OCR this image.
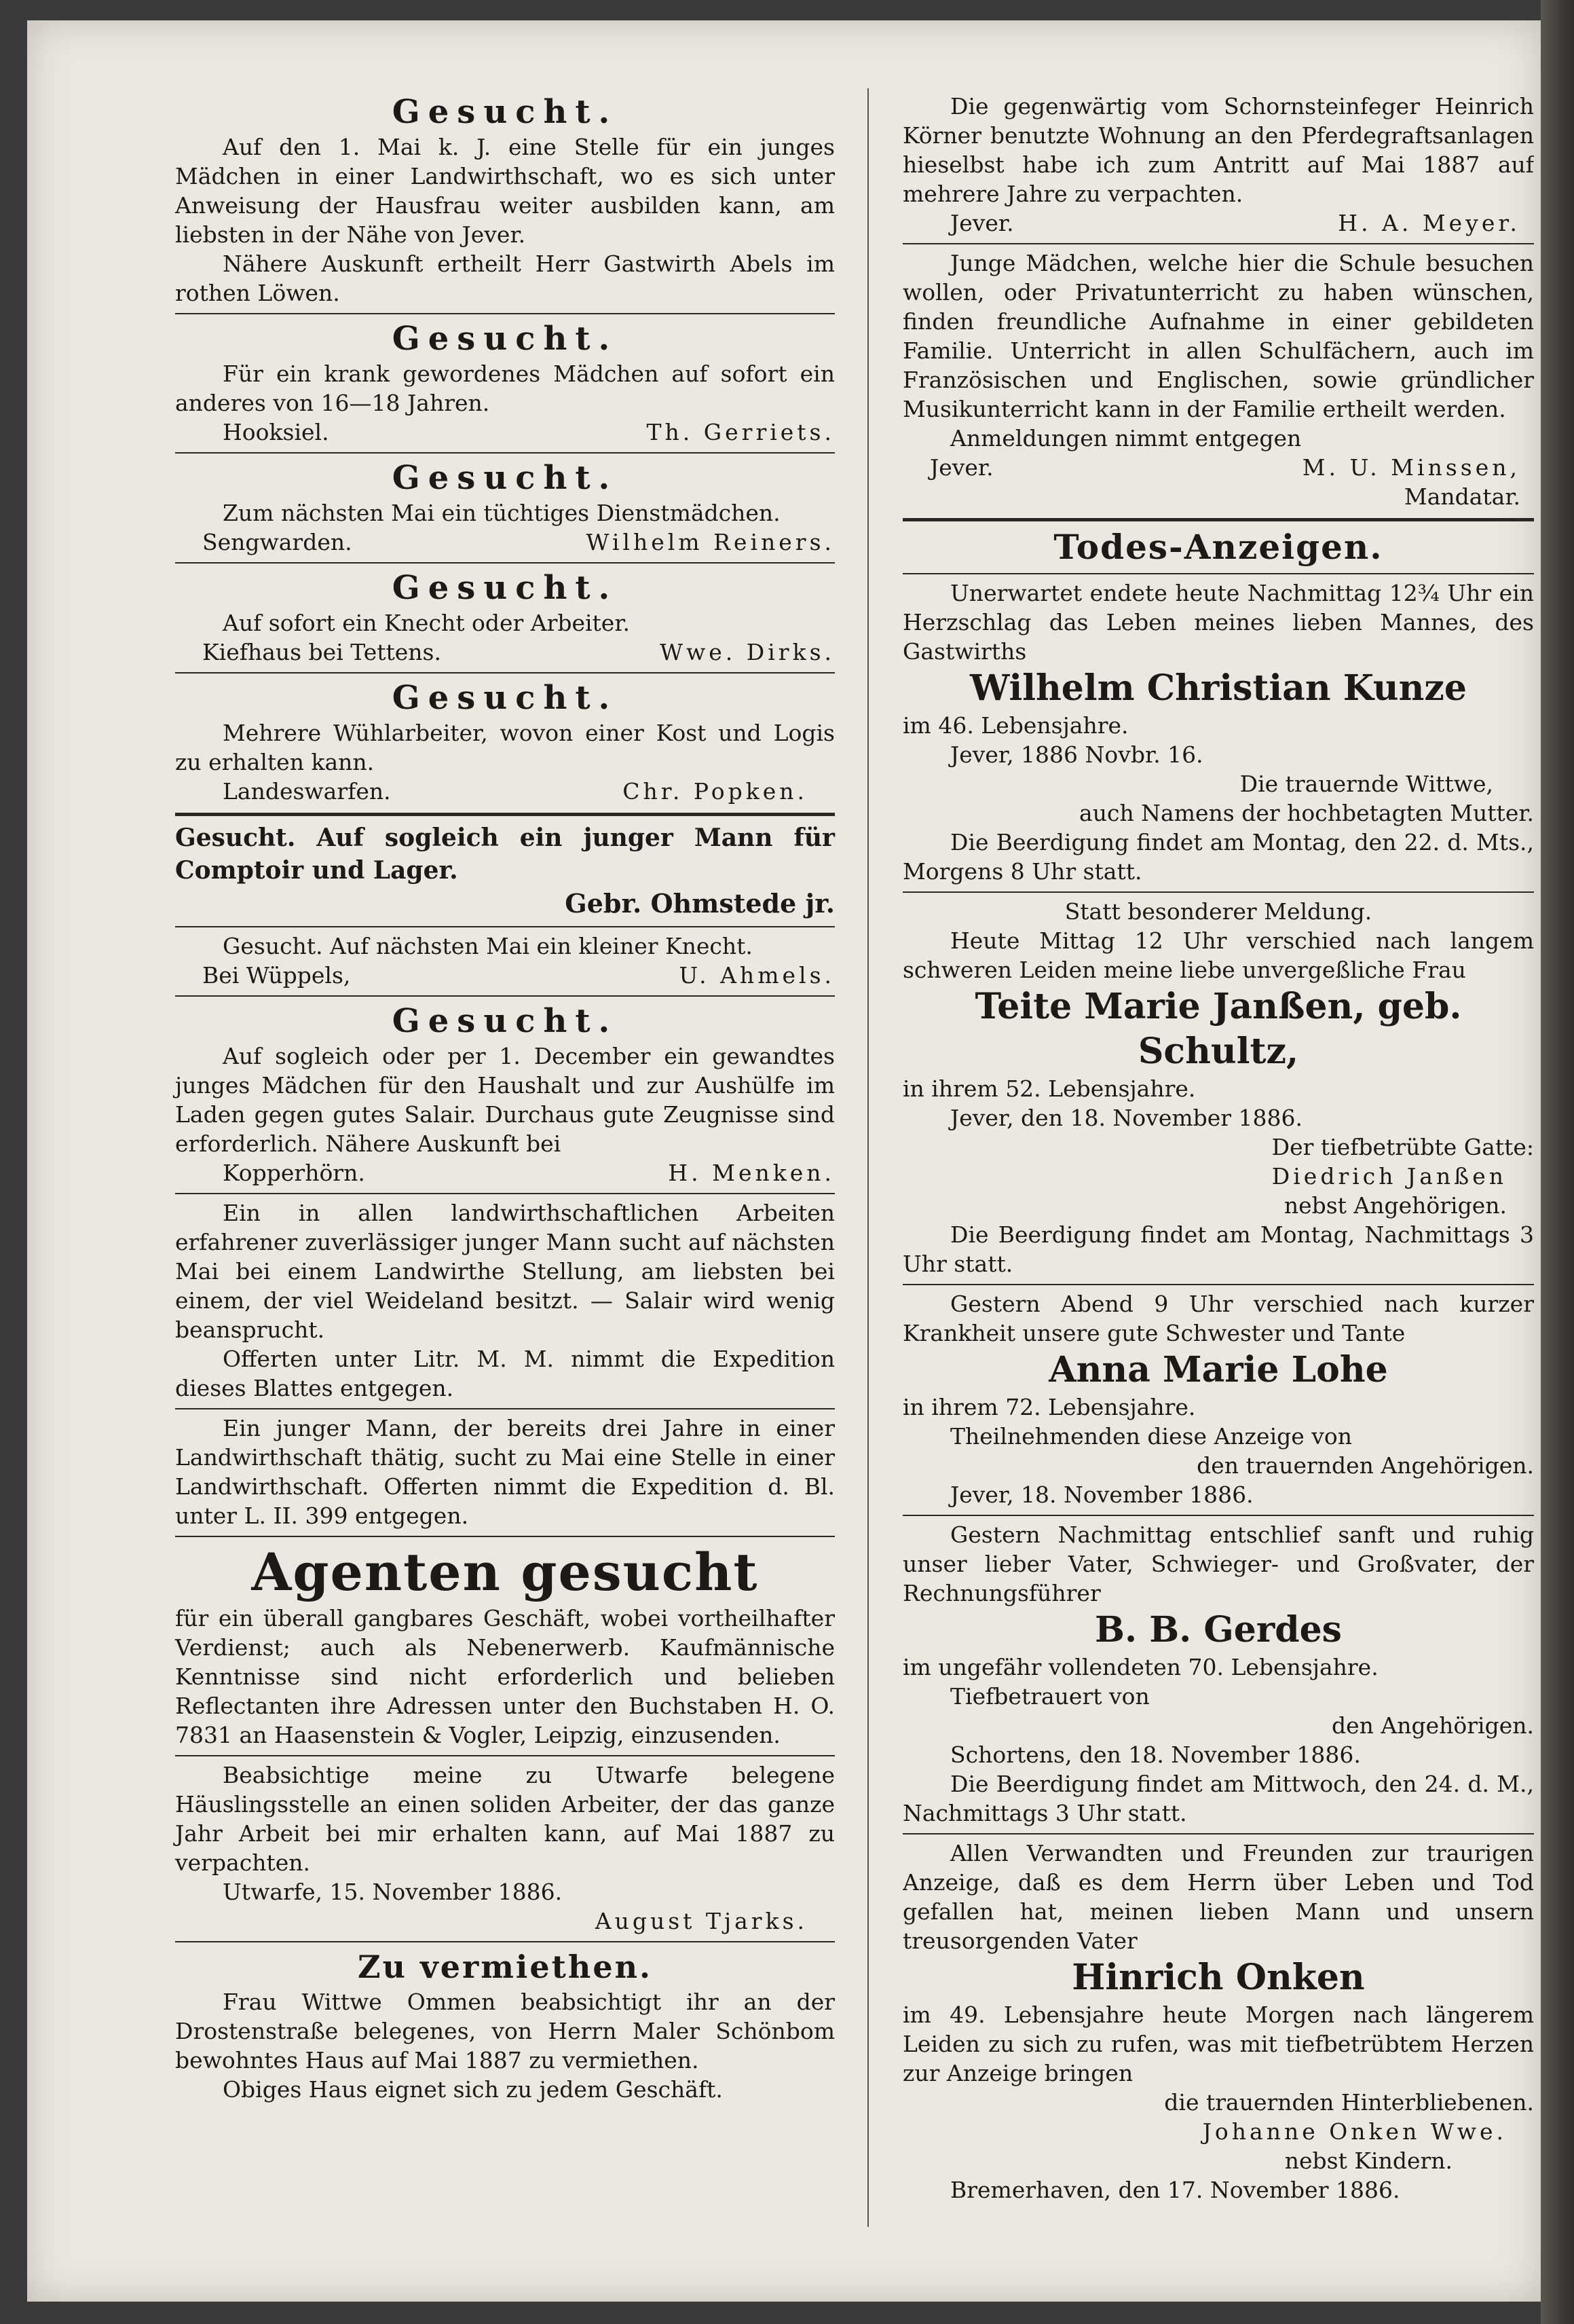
Gesucht.

Auf den 1. Mai k. J. eine Stelle für ein junges Mädchen in einer Landwirthschaft, wo es sich unter Anweisung der Hausfrau weiter ausbilden kann, am liebsten in der Nähe von Jever.

Nähere Auskunft ertheilt Herr Gastwirth Abels im rothen Löwen.

Gesucht.

Für ein krank gewordenes Mädchen auf sofort ein anderes von 16—18 Jahren.

Hooksiel.	Th. Gerriets.
Gesucht.

Zum nächsten Mai ein tüchtiges Dienstmädchen.

Sengwarden.	Wilhelm Reiners.
Gesucht.

Auf sofort ein Knecht oder Arbeiter.

Kiefhaus bei Tettens.	Wwe. Dirks.
Gesucht.

Mehrere Wühlarbeiter, wovon einer Kost und Logis zu erhalten kann.

Landeswarfen.	Chr. Popken.

Gesucht. Auf sogleich ein junger Mann für Comptoir und Lager.

Gebr. Ohmstede jr.

Gesucht. Auf nächsten Mai ein kleiner Knecht.

Bei Wüppels,	U. Ahmels.
Gesucht.

Auf sogleich oder per 1. December ein gewandtes junges Mädchen für den Haushalt und zur Aushülfe im Laden gegen gutes Salair. Durchaus gute Zeugnisse sind erforderlich. Nähere Auskunft bei

Kopperhörn.	H. Menken.

Ein in allen landwirthschaftlichen Arbeiten erfahrener zuverlässiger junger Mann sucht auf nächsten Mai bei einem Landwirthe Stellung, am liebsten bei einem, der viel Weideland besitzt. — Salair wird wenig beansprucht.

Offerten unter Litr. M. M. nimmt die Expedition dieses Blattes entgegen.

Ein junger Mann, der bereits drei Jahre in einer Landwirthschaft thätig, sucht zu Mai eine Stelle in einer Landwirthschaft. Offerten nimmt die Expedition d. Bl. unter L. II. 399 entgegen.

Agenten gesucht

für ein überall gangbares Geschäft, wobei vortheilhafter Verdienst; auch als Nebenerwerb. Kaufmännische Kenntnisse sind nicht erforderlich und belieben Reflectanten ihre Adressen unter den Buchstaben H. O. 7831 an Haasenstein & Vogler, Leipzig, einzusenden.

Beabsichtige meine zu Utwarfe belegene Häuslingsstelle an einen soliden Arbeiter, der das ganze Jahr Arbeit bei mir erhalten kann, auf Mai 1887 zu verpachten.

Utwarfe, 15. November 1886.

August Tjarks.
Zu vermiethen.

Frau Wittwe Ommen beabsichtigt ihr an der Drostenstraße belegenes, von Herrn Maler Schönbom bewohntes Haus auf Mai 1887 zu vermiethen.

Obiges Haus eignet sich zu jedem Geschäft.

Die gegenwärtig vom Schornsteinfeger Heinrich Körner benutzte Wohnung an den Pferdegraftsanlagen hieselbst habe ich zum Antritt auf Mai 1887 auf mehrere Jahre zu verpachten.

Jever.	H. A. Meyer.

Junge Mädchen, welche hier die Schule besuchen wollen, oder Privatunterricht zu haben wünschen, finden freundliche Aufnahme in einer gebildeten Familie. Unterricht in allen Schulfächern, auch im Französischen und Englischen, sowie gründlicher Musikunterricht kann in der Familie ertheilt werden.

Anmeldungen nimmt entgegen

Jever.	M. U. Minssen,
Mandatar.
Todes-Anzeigen.

Unerwartet endete heute Nachmittag 12¾ Uhr ein Herzschlag das Leben meines lieben Mannes, des Gastwirths

Wilhelm Christian Kunze

im 46. Lebensjahre.

Jever, 1886 Novbr. 16.

Die trauernde Wittwe,
auch Namens der hochbetagten Mutter.

Die Beerdigung findet am Montag, den 22. d. Mts., Morgens 8 Uhr statt.

Statt besonderer Meldung.

Heute Mittag 12 Uhr verschied nach langem schweren Leiden meine liebe unvergeßliche Frau

Teite Marie Janßen, geb. Schultz,

in ihrem 52. Lebensjahre.

Jever, den 18. November 1886.

Der tiefbetrübte Gatte:
Diedrich Janßen
nebst Angehörigen.

Die Beerdigung findet am Montag, Nachmittags 3 Uhr statt.

Gestern Abend 9 Uhr verschied nach kurzer Krankheit unsere gute Schwester und Tante

Anna Marie Lohe

in ihrem 72. Lebensjahre.

Theilnehmenden diese Anzeige von

den trauernden Angehörigen.

Jever, 18. November 1886.

Gestern Nachmittag entschlief sanft und ruhig unser lieber Vater, Schwieger- und Großvater, der Rechnungsführer

B. B. Gerdes

im ungefähr vollendeten 70. Lebensjahre.

Tiefbetrauert von

den Angehörigen.

Schortens, den 18. November 1886.

Die Beerdigung findet am Mittwoch, den 24. d. M., Nachmittags 3 Uhr statt.

Allen Verwandten und Freunden zur traurigen Anzeige, daß es dem Herrn über Leben und Tod gefallen hat, meinen lieben Mann und unsern treusorgenden Vater

Hinrich Onken

im 49. Lebensjahre heute Morgen nach längerem Leiden zu sich zu rufen, was mit tiefbetrübtem Herzen zur Anzeige bringen

die trauernden Hinterbliebenen.
Johanne Onken Wwe.
nebst Kindern.

Bremerhaven, den 17. November 1886.
